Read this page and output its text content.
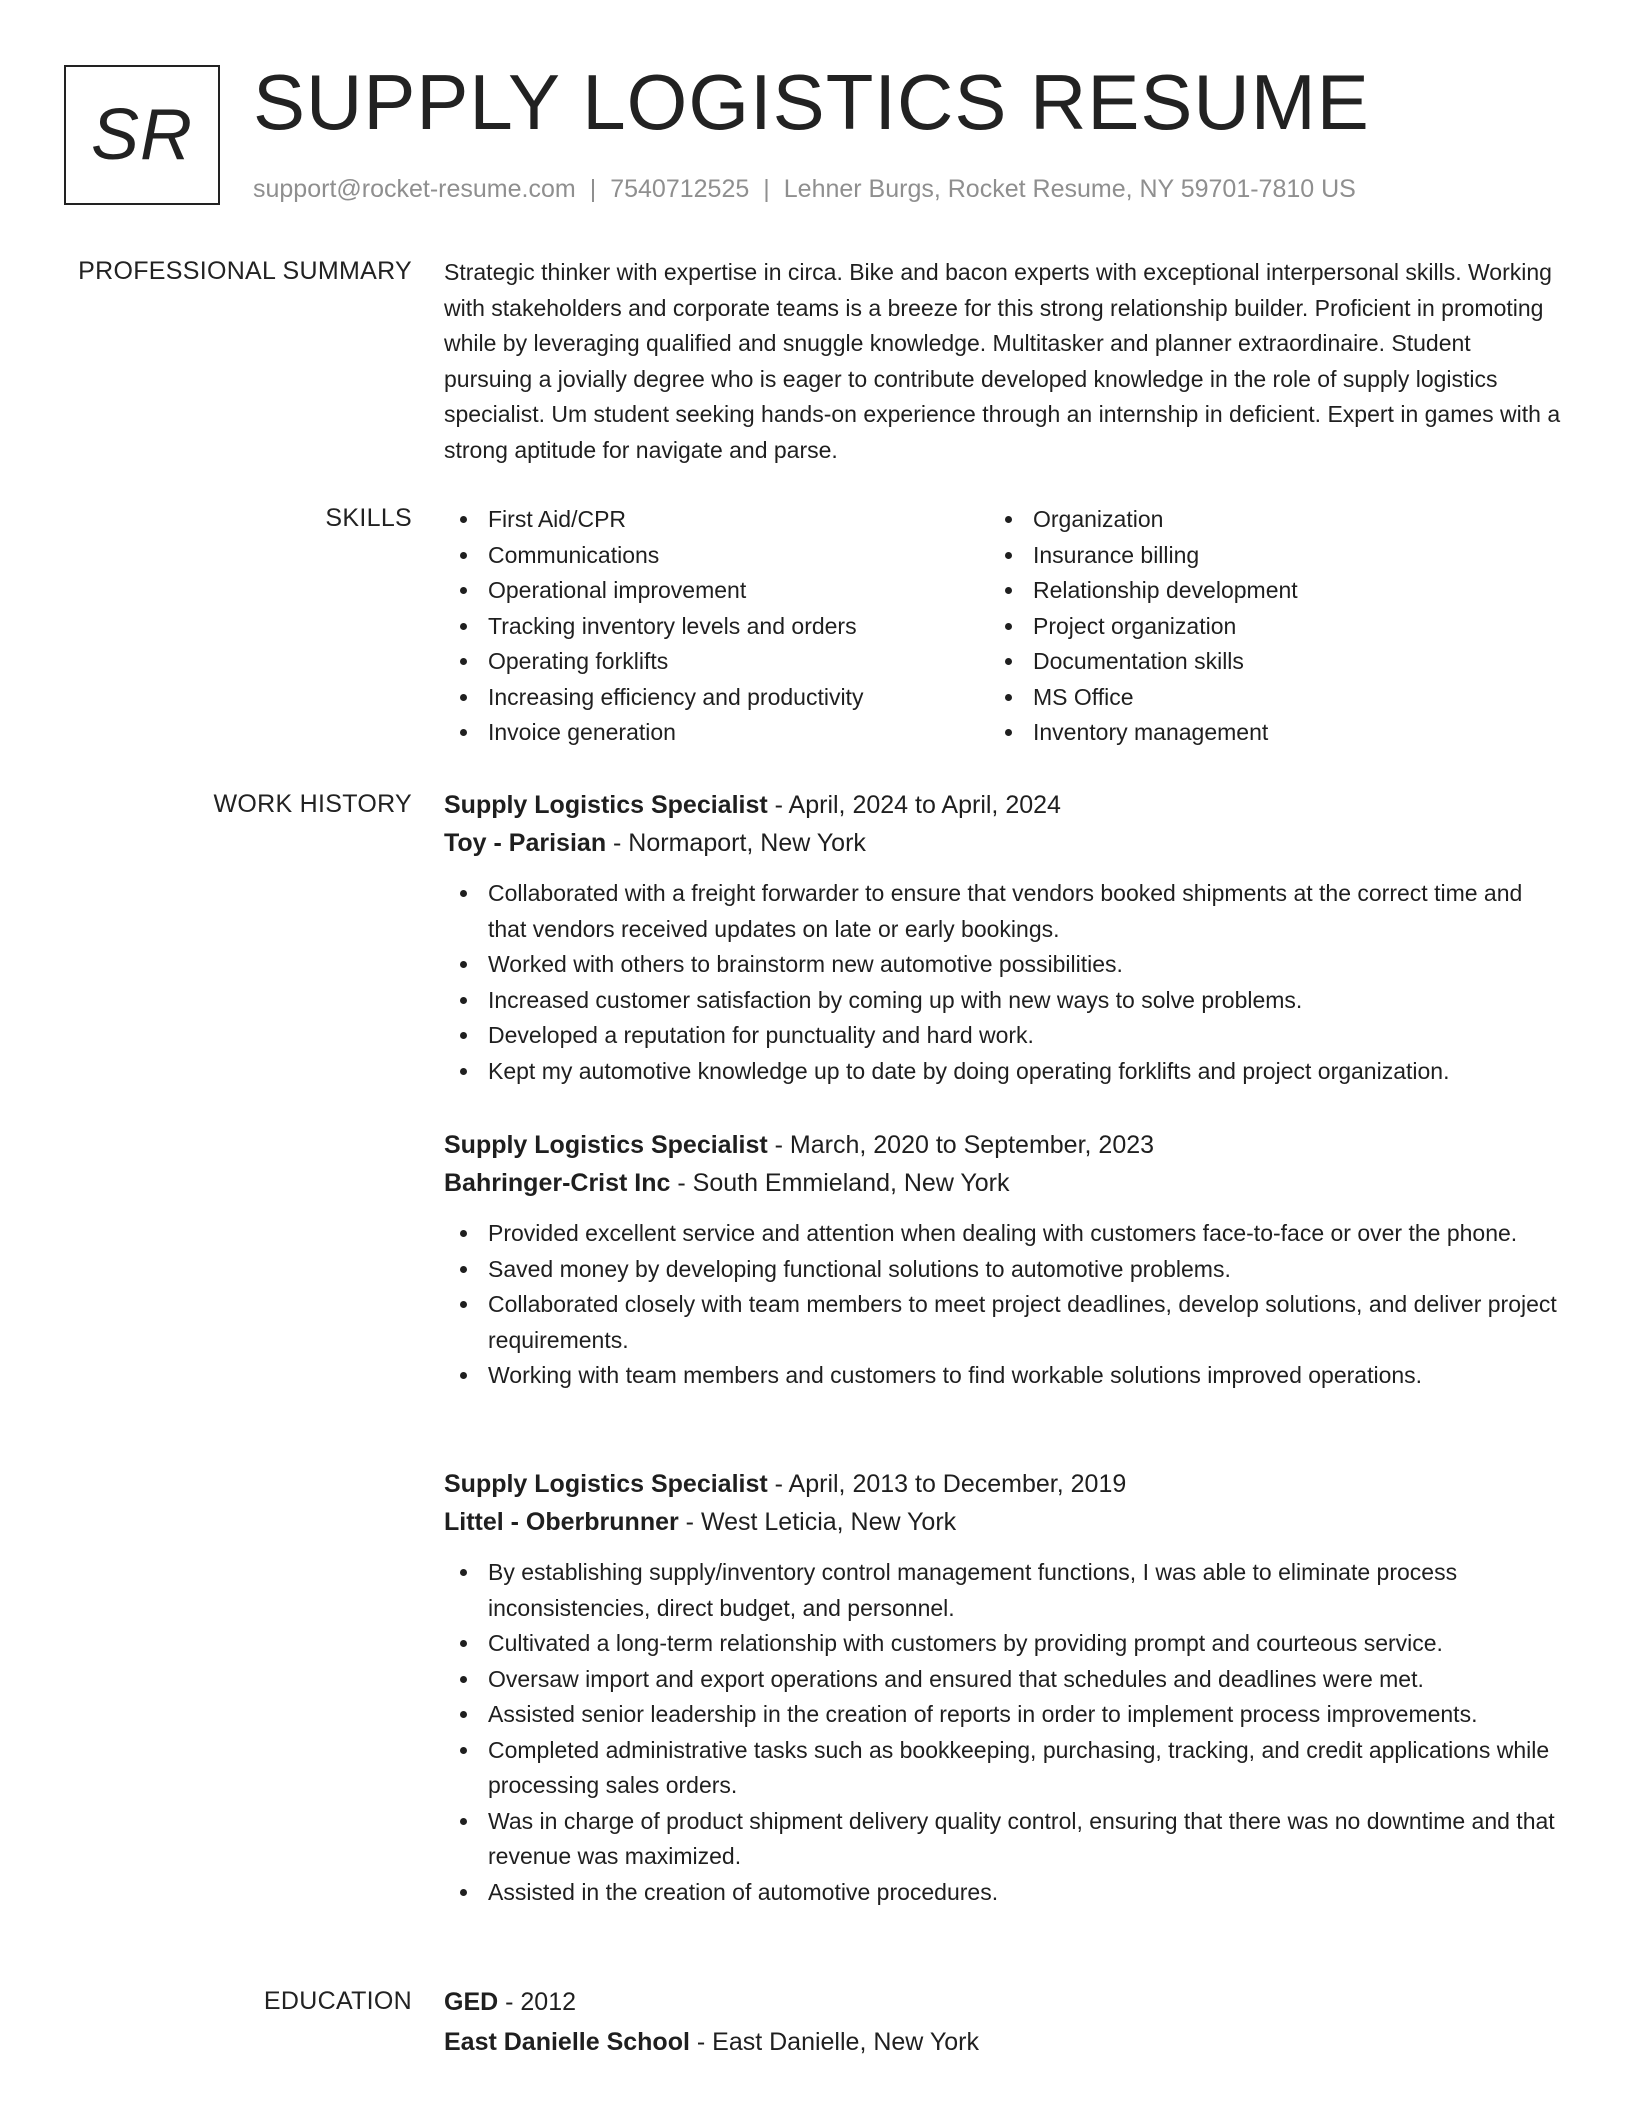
SR SUPPLY LOGISTICS RESUME
support@rocket-resume.com | 7540712525 | Lehner Burgs, Rocket Resume, NY 59701-7810 US
PROFESSIONAL SUMMARY Strategic thinker with expertise in circa. Bike and bacon experts with exceptional interpersonal skills. Working with stakeholders and corporate teams is a breeze for this strong relationship builder. Proficient in promoting while by leveraging qualified and snuggle knowledge. Multitasker and planner extraordinaire. Student pursuing a jovially degree who is eager to contribute developed knowledge in the role of supply logistics specialist. Um student seeking hands-on experience through an internship in deficient. Expert in games with a strong aptitude for navigate and parse.

SKILLS	First Aid/CPR
Communications
Operational improvement
Tracking inventory levels and orders
Operating forklifts
Increasing efficiency and productivity
Invoice generation
Organization
Insurance billing
Relationship development
Project organization
Documentation skills
MS Office
Inventory management
WORK HISTORY Supply Logistics Specialist - April, 2024 to April, 2024
Toy - Parisian - Normaport, New York
Collaborated with a freight forwarder to ensure that vendors booked shipments at the correct time and that vendors received updates on late or early bookings.
Worked with others to brainstorm new automotive possibilities.
Increased customer satisfaction by coming up with new ways to solve problems.
Developed a reputation for punctuality and hard work.
Kept my automotive knowledge up to date by doing operating forklifts and project organization.
Supply Logistics Specialist - March, 2020 to September, 2023
Bahringer-Crist Inc - South Emmieland, New York
Provided excellent service and attention when dealing with customers face-to-face or over the phone.
Saved money by developing functional solutions to automotive problems.
Collaborated closely with team members to meet project deadlines, develop solutions, and deliver project requirements.
Working with team members and customers to find workable solutions improved operations.
Supply Logistics Specialist - April, 2013 to December, 2019
Littel - Oberbrunner - West Leticia, New York
By establishing supply/inventory control management functions, I was able to eliminate process inconsistencies, direct budget, and personnel.
Cultivated a long-term relationship with customers by providing prompt and courteous service.
Oversaw import and export operations and ensured that schedules and deadlines were met.
Assisted senior leadership in the creation of reports in order to implement process improvements.
Completed administrative tasks such as bookkeeping, purchasing, tracking, and credit applications while processing sales orders.
Was in charge of product shipment delivery quality control, ensuring that there was no downtime and that revenue was maximized.
Assisted in the creation of automotive procedures.
EDUCATION GED - 2012
East Danielle School - East Danielle, New York
